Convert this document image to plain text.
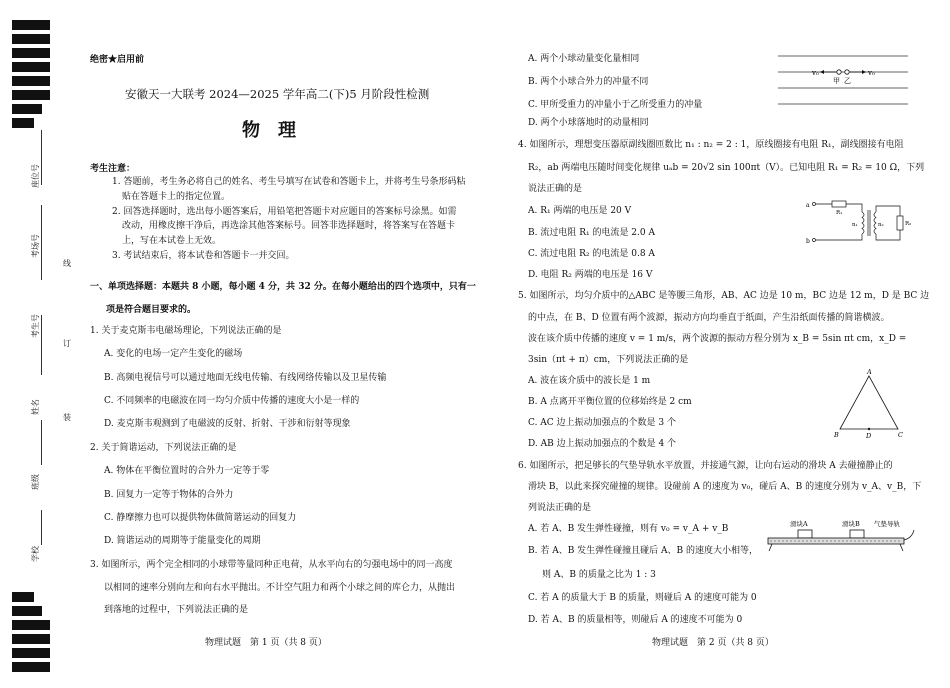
座位号
考场号
考生号
姓名
班级
学校
线
订
装
绝密★启用前
安徽天一大联考 2024—2025 学年高二(下)5 月阶段性检测
物　理
考生注意：
1. 答题前，考生务必将自己的姓名、考生号填写在试卷和答题卡上，并将考生号条形码粘
贴在答题卡上的指定位置。
2. 回答选择题时，选出每小题答案后，用铅笔把答题卡对应题目的答案标号涂黑。如需
改动，用橡皮擦干净后，再选涂其他答案标号。回答非选择题时，将答案写在答题卡
上，写在本试卷上无效。
3. 考试结束后，将本试卷和答题卡一并交回。
一、单项选择题：本题共 8 小题，每小题 4 分，共 32 分。在每小题给出的四个选项中，只有一
项是符合题目要求的。
1. 关于麦克斯韦电磁场理论，下列说法正确的是
A. 变化的电场一定产生变化的磁场
B. 高频电视信号可以通过地面无线电传输、有线网络传输以及卫星传输
C. 不同频率的电磁波在同一均匀介质中传播的速度大小是一样的
D. 麦克斯韦观测到了电磁波的反射、折射、干涉和衍射等现象
2. 关于简谐运动，下列说法正确的是
A. 物体在平衡位置时的合外力一定等于零
B. 回复力一定等于物体的合外力
C. 静摩擦力也可以提供物体做简谐运动的回复力
D. 简谐运动的周期等于能量变化的周期
3. 如图所示，两个完全相同的小球带等量同种正电荷，从水平向右的匀强电场中的同一高度
以相同的速率分别向左和向右水平抛出。不计空气阻力和两个小球之间的库仑力，从抛出
到落地的过程中，下列说法正确的是
物理试题　第 1 页（共 8 页）
A. 两个小球动量变化量相同
B. 两个小球合外力的冲量不同
C. 甲所受重力的冲量小于乙所受重力的冲量
D. 两个小球落地时的动量相同
v₀	v₀
甲 乙
4. 如图所示，理想变压器原副线圈匝数比 n₁ : n₂ = 2 : 1，原线圈接有电阻 R₁，副线圈接有电阻
R₂，ab 两端电压随时间变化规律 uₐb = 20√2 sin 100πt（V）。已知电阻 R₁ = R₂ = 10 Ω，下列
说法正确的是
A. R₁ 两端的电压是 20 V
B. 流过电阻 R₁ 的电流是 2.0 A
C. 流过电阻 R₂ 的电流是 0.8 A
D. 电阻 R₂ 两端的电压是 16 V
a
b
R₁
n₁	n₂	R₂
5. 如图所示，均匀介质中的△ABC 是等腰三角形，AB、AC 边是 10 m，BC 边是 12 m，D 是 BC 边
的中点，在 B、D 位置有两个波源，振动方向均垂直于纸面，产生沿纸面传播的简谐横波。
波在该介质中传播的速度 v = 1 m/s，两个波源的振动方程分别为 x_B = 5sin πt cm，x_D =
3sin（πt + π）cm，下列说法正确的是
A. 波在该介质中的波长是 1 m
B. A 点离开平衡位置的位移始终是 2 cm
C. AC 边上振动加强点的个数是 3 个
D. AB 边上振动加强点的个数是 4 个
A
B	C
D
6. 如图所示，把足够长的气垫导轨水平放置，并接通气源，让向右运动的滑块 A 去碰撞静止的
滑块 B，以此来探究碰撞的规律。设碰前 A 的速度为 v₀，碰后 A、B 的速度分别为 v_A、v_B，下
列说法正确的是
A. 若 A、B 发生弹性碰撞，则有 v₀ = v_A + v_B
B. 若 A、B 发生弹性碰撞且碰后 A、B 的速度大小相等，
则 A、B 的质量之比为 1 : 3
C. 若 A 的质量大于 B 的质量，则碰后 A 的速度可能为 0
D. 若 A、B 的质量相等，则碰后 A 的速度不可能为 0
滑块A	滑块B 气垫导轨
物理试题　第 2 页（共 8 页）
